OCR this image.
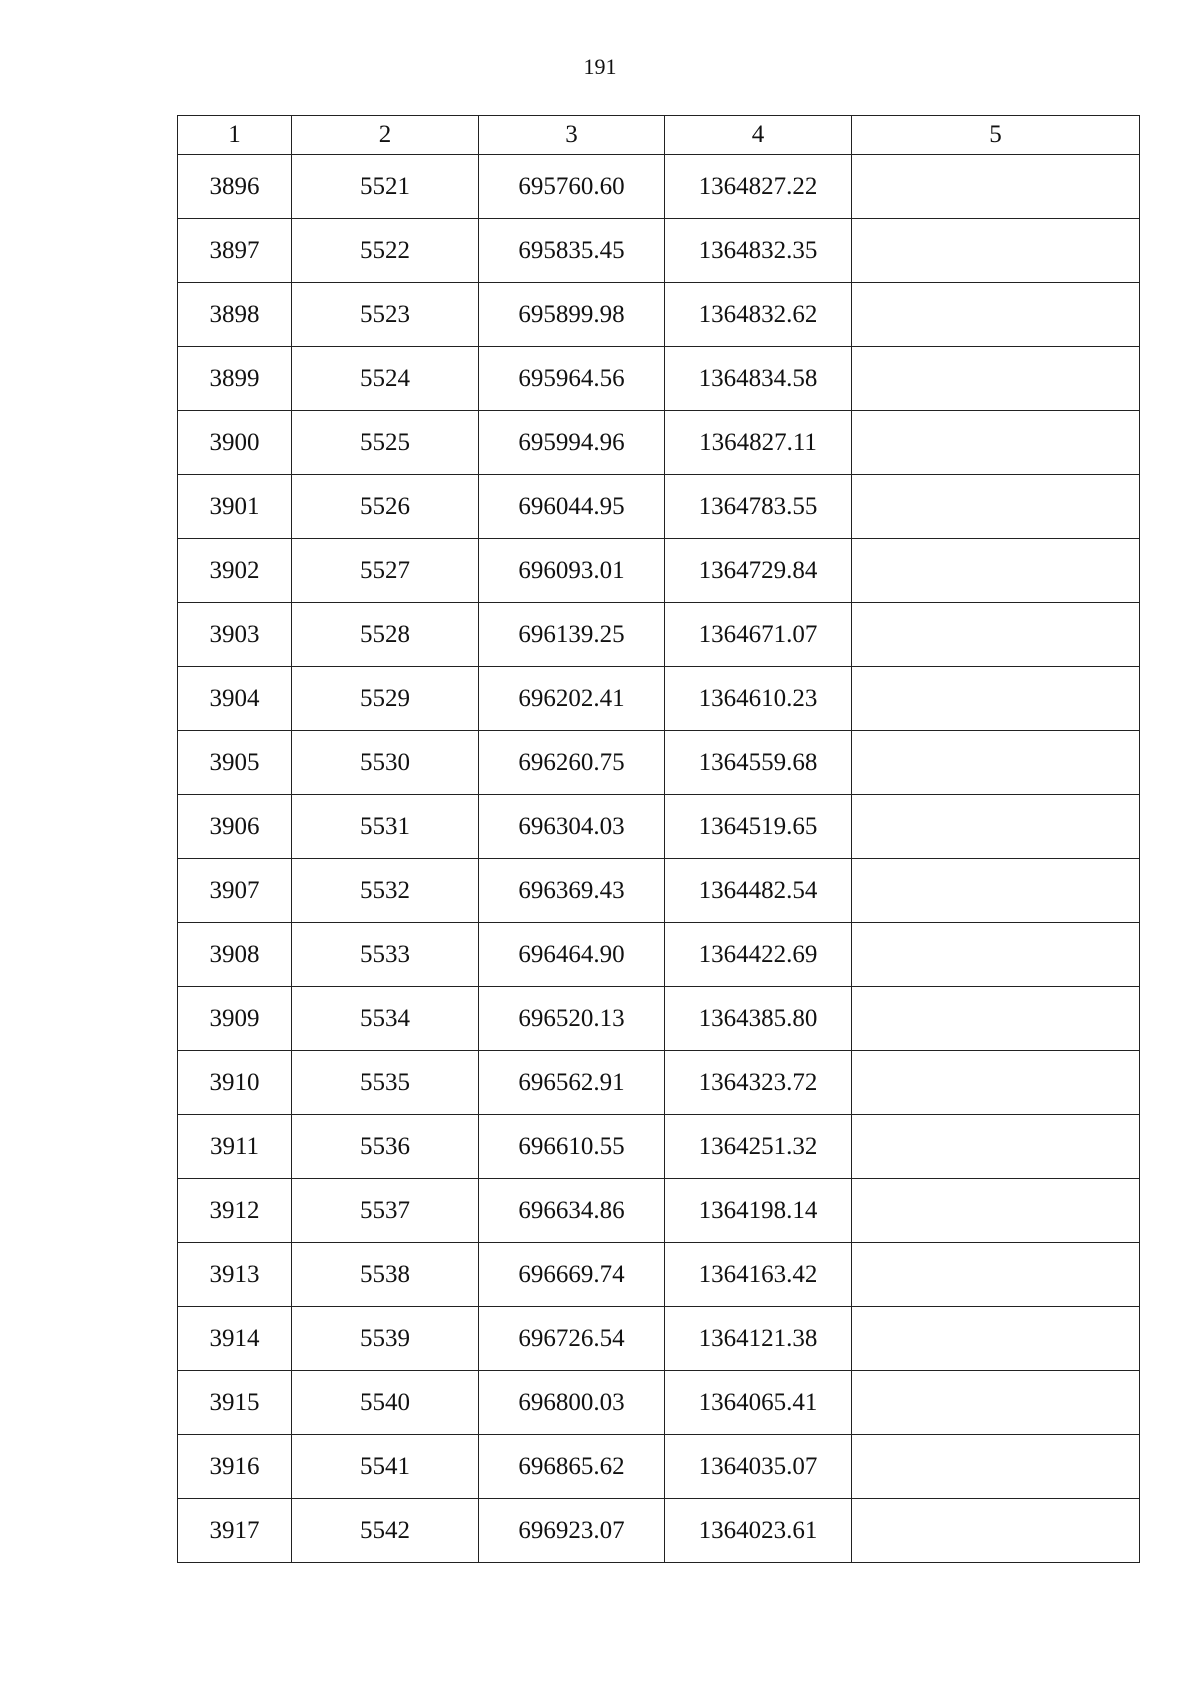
191
1	2	3	4	5
3896	5521	695760.60	1364827.22	
3897	5522	695835.45	1364832.35	
3898	5523	695899.98	1364832.62	
3899	5524	695964.56	1364834.58	
3900	5525	695994.96	1364827.11	
3901	5526	696044.95	1364783.55	
3902	5527	696093.01	1364729.84	
3903	5528	696139.25	1364671.07	
3904	5529	696202.41	1364610.23	
3905	5530	696260.75	1364559.68	
3906	5531	696304.03	1364519.65	
3907	5532	696369.43	1364482.54	
3908	5533	696464.90	1364422.69	
3909	5534	696520.13	1364385.80	
3910	5535	696562.91	1364323.72	
3911	5536	696610.55	1364251.32	
3912	5537	696634.86	1364198.14	
3913	5538	696669.74	1364163.42	
3914	5539	696726.54	1364121.38	
3915	5540	696800.03	1364065.41	
3916	5541	696865.62	1364035.07	
3917	5542	696923.07	1364023.61	
